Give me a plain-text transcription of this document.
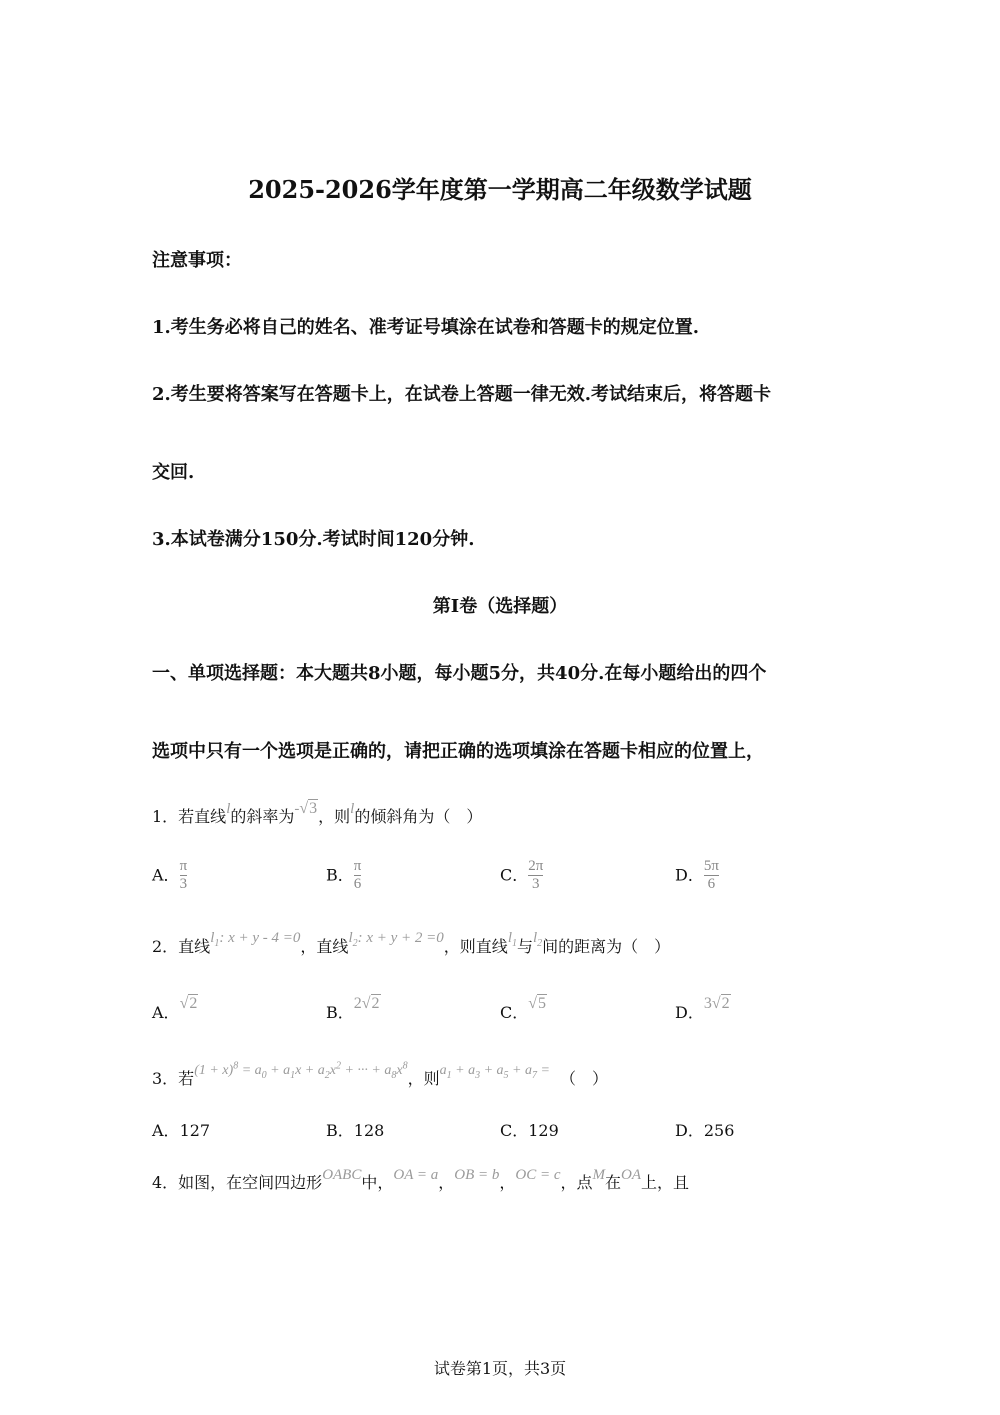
2025-2026学年度第一学期高二年级数学试题
注意事项：
1.考生务必将自己的姓名、准考证号填涂在试卷和答题卡的规定位置.
2.考生要将答案写在答题卡上，在试卷上答题一律无效.考试结束后，将答题卡
交回.
3.本试卷满分150分.考试时间120分钟.
第I卷（选择题）
一、单项选择题：本大题共8小题，每小题5分，共40分.在每小题给出的四个
选项中只有一个选项是正确的，请把正确的选项填涂在答题卡相应的位置上，
1．若直线l的斜率为-√3，则l的倾斜角为（　）
A． $\frac{\pi}{3}$	B． $\frac{\pi}{6}$	C． $\frac{2\pi}{3}$	D． $\frac{5\pi}{6}$
2．直线$l_1$: x + y - 4 =0，直线$l_2$: x + y + 2 =0，则直线$l_1$与$l_2$间的距离为（　）
A．√2	B．2√2	C．√5	D．3√2
3．若$(1 + x)^8 = a_0 + a_1x + a_2x^2$ + ··· + $a_8x^8$，则$a_1 + a_3 + a_5 + a_7$ = （　）
A．127	B．128	C．129	D．256
4．如图，在空间四边形OABC中，OA = a，OB = b，OC = c，点M在OA上，且
试卷第1页，共3页
